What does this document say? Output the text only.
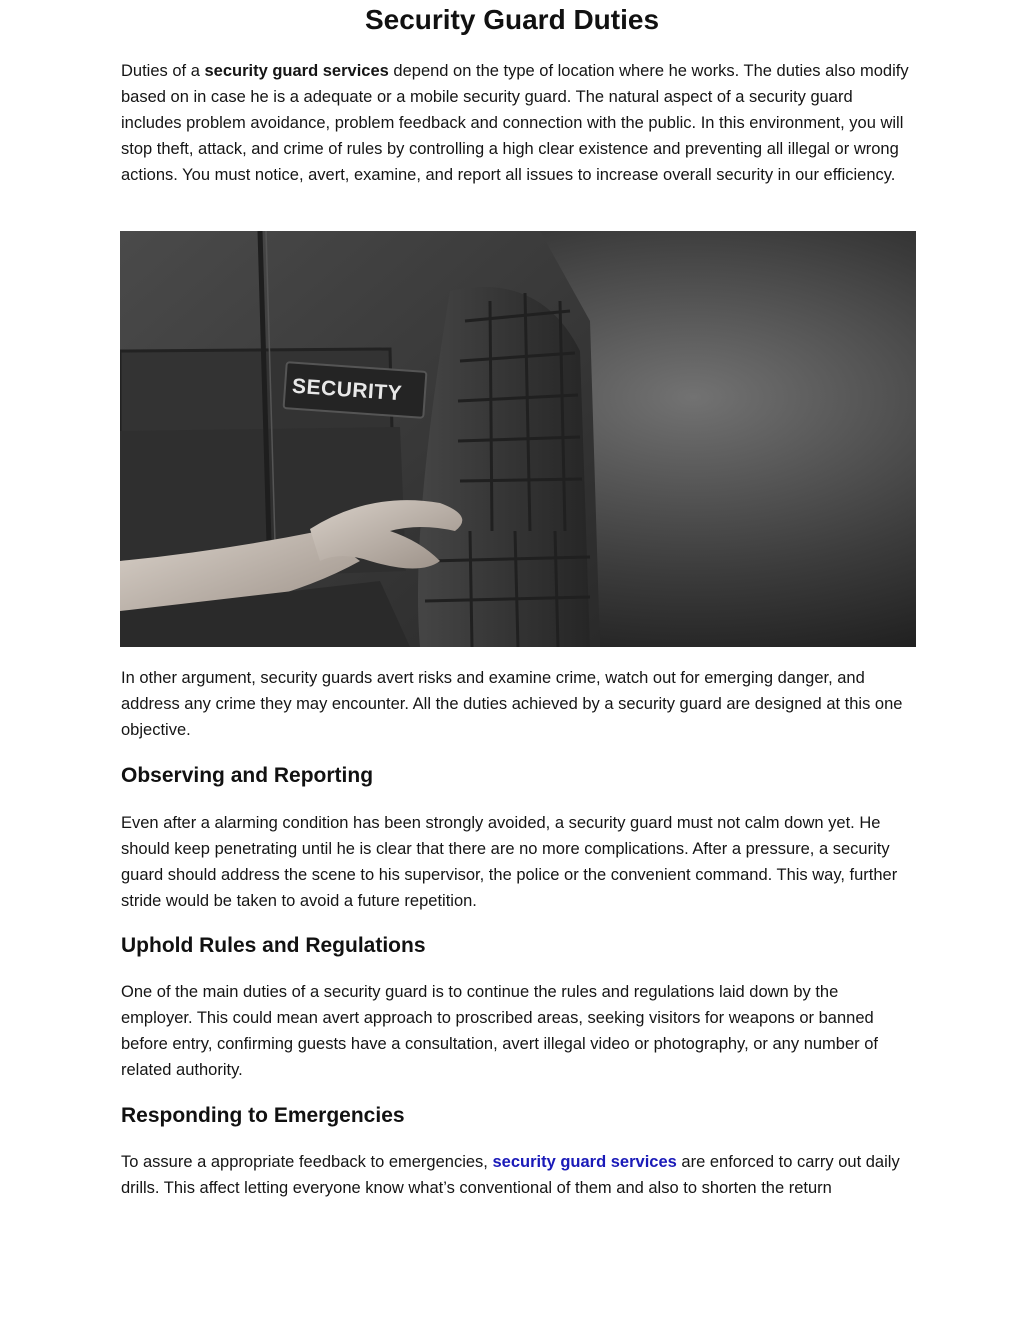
Security Guard Duties

Duties of a security guard services depend on the type of location where he works. The duties also modify based on in case he is a adequate or a mobile security guard. The natural aspect of a security guard includes problem avoidance, problem feedback and connection with the public. In this environment, you will stop theft, attack, and crime of rules by controlling a high clear existence and preventing all illegal or wrong actions. You must notice, avert, examine, and report all issues to increase overall security in our efficiency.

SECURITY

In other argument, security guards avert risks and examine crime, watch out for emerging danger, and address any crime they may encounter. All the duties achieved by a security guard are designed at this one objective.

Observing and Reporting

Even after a alarming condition has been strongly avoided, a security guard must not calm down yet. He should keep penetrating until he is clear that there are no more complications. After a pressure, a security guard should address the scene to his supervisor, the police or the convenient command. This way, further stride would be taken to avoid a future repetition.

Uphold Rules and Regulations

One of the main duties of a security guard is to continue the rules and regulations laid down by the employer. This could mean avert approach to proscribed areas, seeking visitors for weapons or banned before entry, confirming guests have a consultation, avert illegal video or photography, or any number of related authority.

Responding to Emergencies

To assure a appropriate feedback to emergencies, security guard services are enforced to carry out daily drills. This affect letting everyone know what’s conventional of them and also to shorten the return
